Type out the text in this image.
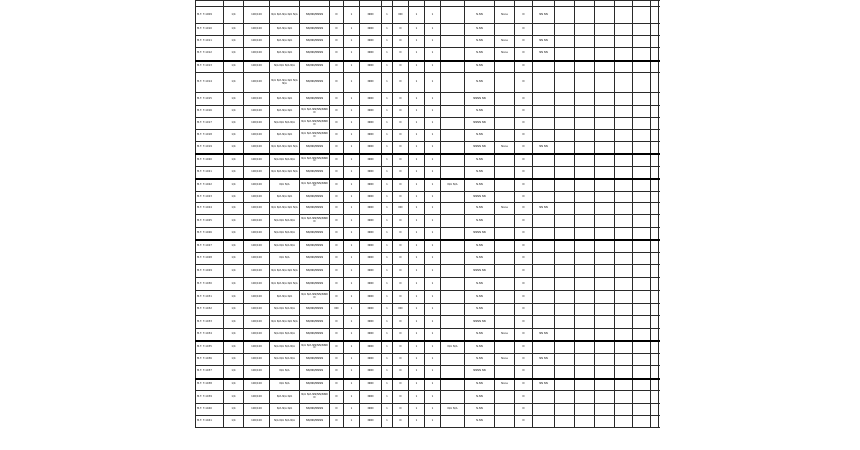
M.T. T-1009	1/4	100/100	N/A N/A N/A N/A N/A	NN/NN/NNNN	N	1	NNN	1	NN	1	1		N.NN	None	N	NN NN							
M.T. T-1010	1/4	100/100	N/A N/A N/A	NN/NN/NNNN	N	1	NNN	1	N	1	1		N.NN		N								
M.T. T-1011	1/4	100/100	N/A N/A N/A	NN/NN/NNNN	N	1	NNN	1	N	1	1		N.NN	None	N	NN NN							
M.T. T-1012	1/4	100/100	N/A N/A N/A	NN/NN/NNNN	N	1	NNN	1	N	1	1		N.NN	None	N	NN NN							
M.T. T-1013	1/4	100/100	N/A N/A N/A N/A	NN/NN/NNNN	N	1	NNN	1	N	1	1		N.NN		N								
M.T. T-1014	1/4	100/100	N/A N/A N/A N/A N/A N/A	NN/NN/NNNN	N	1	NNN	1	N	1	1		N.NN		N								
M.T. T-1015	1/4	100/100	N/A N/A N/A	NN/NN/NNNN	N	1	NNN	1	N	1	1		NNNN NN		N								
M.T. T-1016	1/4	100/100	N/A N/A N/A	N/A N/A NN/NN/NNNN	N	1	NNN	1	N	1	1		N.NN		N								
M.T. T-1017	1/4	100/100	N/A N/A N/A N/A	N/A N/A NN/NN/NNNN	N	1	NNN	1	N	1	1		NNNN NN		N								
M.T. T-1018	1/4	100/100	N/A N/A N/A	N/A N/A NN/NN/NNNN	N	1	NNN	1	N	1	1		N.NN		N								
M.T. T-1019	1/4	100/100	N/A N/A N/A N/A N/A	NN/NN/NNNN	N	1	NNN	1	N	1	1		NNNN NN	None	N	NN NN							
M.T. T-1020	1/4	100/100	N/A N/A N/A N/A	N/A N/A NN/NN/NNNN	N	1	NNN	1	N	1	1		N.NN		N								
M.T. T-1021	1/4	100/100	N/A N/A N/A N/A N/A	NN/NN/NNNN	N	1	NNN	1	N	1	1		N.NN		N								
M.T. T-1022	1/4	100/100	N/A N/A	N/A N/A NN/NN/NNNN	N	1	NNN	1	N	1	1	N/A N/A	N.NN		N								
M.T. T-1023	1/4	100/100	N/A N/A N/A	NN/NN/NNNN	N	1	NNN	1	N	1	1		NNNN NN		N								
M.T. T-1024	1/4	100/100	N/A N/A N/A N/A N/A	NN/NN/NNNN	N	1	NNN	1	NN	1	1		N.NN	None	N	NN NN							
M.T. T-1025	1/4	100/100	N/A N/A N/A N/A	N/A N/A NN/NN/NNNN	N	1	NNN	1	N	1	1		N.NN		N								
M.T. T-1026	1/4	100/100	N/A N/A N/A N/A	NN/NN/NNNN	N	1	NNN	1	N	1	1		NNNN NN		N								
M.T. T-1027	1/4	100/100	N/A N/A N/A N/A	NN/NN/NNNN	N	1	NNN	1	N	1	1		N.NN		N								
M.T. T-1028	1/4	100/100	N/A N/A	NN/NN/NNNN	N	1	NNN	1	N	1	1		N.NN		N								
M.T. T-1029	1/4	100/100	N/A N/A N/A N/A N/A	NN/NN/NNNN	N	1	NNN	1	N	1	1		NNNN NN		N								
M.T. T-1030	1/4	100/100	N/A N/A N/A N/A N/A	NN/NN/NNNN	N	1	NNN	1	N	1	1		N.NN		N								
M.T. T-1031	1/4	100/100	N/A N/A N/A	N/A N/A NN/NN/NNNN	N	1	NNN	1	N	1	1		N.NN		N								
M.T. T-1032	1/4	100/100	N/A N/A N/A N/A	NN/NN/NNNN	NN	1	NNN	1	NN	1	1		N.NN		N								
M.T. T-1033	1/4	100/100	N/A N/A N/A N/A N/A	NN/NN/NNNN	N	1	NNN	1	N	1	1		NNNN NN		N								
M.T. T-1034	1/4	100/100	N/A N/A N/A N/A	NN/NN/NNNN	N	1	NNN	1	N	1	1		N.NN	None	N	NN NN							
M.T. T-1035	1/4	100/100	N/A N/A N/A N/A	N/A N/A NN/NN/NNNN	N	1	NNN	1	N	1	1	N/A N/A	N.NN		N								
M.T. T-1036	1/4	100/100	N/A N/A N/A N/A	NN/NN/NNNN	N	1	NNN	1	N	1	1		N.NN	None	N	NN NN							
M.T. T-1037	1/4	100/100	N/A N/A	NN/NN/NNNN	N	1	NNN	1	N	1	1		NNNN NN		N								
M.T. T-1038	1/4	100/100	N/A N/A	NN/NN/NNNN	N	1	NNN	1	N	1	1		N.NN	None	N	NN NN							
M.T. T-1039	1/4	100/100	N/A N/A N/A	N/A N/A NN/NN/NNNN	N	1	NNN	1	N	1	1		N.NN		N								
M.T. T-1040	1/4	100/100	N/A N/A N/A	NN/NN/NNNN	N	1	NNN	1	N	1	1	N/A N/A	N.NN		N								
M.T. T-1041	1/4	100/100	N/A N/A N/A N/A	NN/NN/NNNN	N	1	NNN	1	N	1	1		N.NN		N								
